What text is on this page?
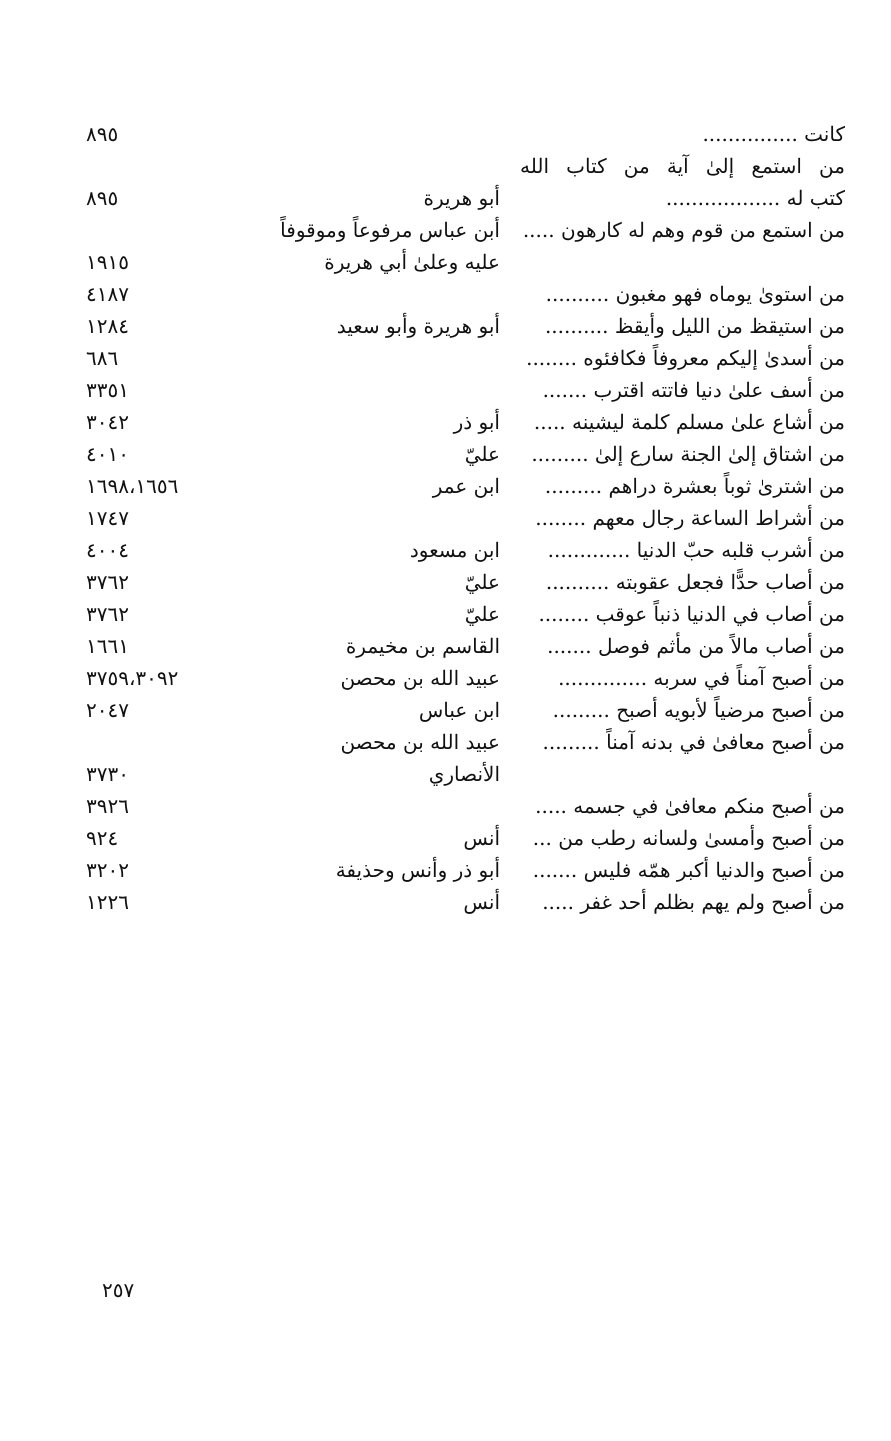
كانت ...............
٨٩٥
من استمع إلىٰ آية من كتاب الله
كتب له ..................
أبو هريرة
٨٩٥
من استمع من قوم وهم له كارهون .....
أبن عباس مرفوعاً وموقوفاً
عليه وعلىٰ أبي هريرة
١٩١٥
من استوىٰ يوماه فهو مغبون ..........
٤١٨٧
من استيقظ من الليل وأيقظ ..........
أبو هريرة وأبو سعيد
١٢٨٤
من أسدىٰ إليكم معروفاً فكافئوه ........
٦٨٦
من أسف علىٰ دنيا فاتته اقترب .......
٣٣٥١
من أشاع علىٰ مسلم كلمة ليشينه .....
أبو ذر
٣٠٤٢
من اشتاق إلىٰ الجنة سارع إلىٰ .........
عليّ
٤٠١٠
من اشترىٰ ثوباً بعشرة دراهم .........
ابن عمر
١٦٩٨،١٦٥٦
من أشراط الساعة رجال معهم ........
١٧٤٧
من أشرب قلبه حبّ الدنيا .............
ابن مسعود
٤٠٠٤
من أصاب حدًّا فجعل عقوبته ..........
عليّ
٣٧٦٢
من أصاب في الدنيا ذنباً عوقب ........
عليّ
٣٧٦٢
من أصاب مالاً من مأثم فوصل .......
القاسم بن مخيمرة
١٦٦١
من أصبح آمناً في سربه ..............
عبيد الله بن محصن
٣٧٥٩،٣٠٩٢
من أصبح مرضياً لأبويه أصبح .........
ابن عباس
٢٠٤٧
من أصبح معافىٰ في بدنه آمناً .........
عبيد الله بن محصن
الأنصاري
٣٧٣٠
من أصبح منكم معافىٰ في جسمه .....
٣٩٢٦
من أصبح وأمسىٰ ولسانه رطب من ...
أنس
٩٢٤
من أصبح والدنيا أكبر همّه فليس .......
أبو ذر وأنس وحذيفة
٣٢٠٢
من أصبح ولم يهم بظلم أحد غفر .....
أنس
١٢٢٦
٢٥٧
